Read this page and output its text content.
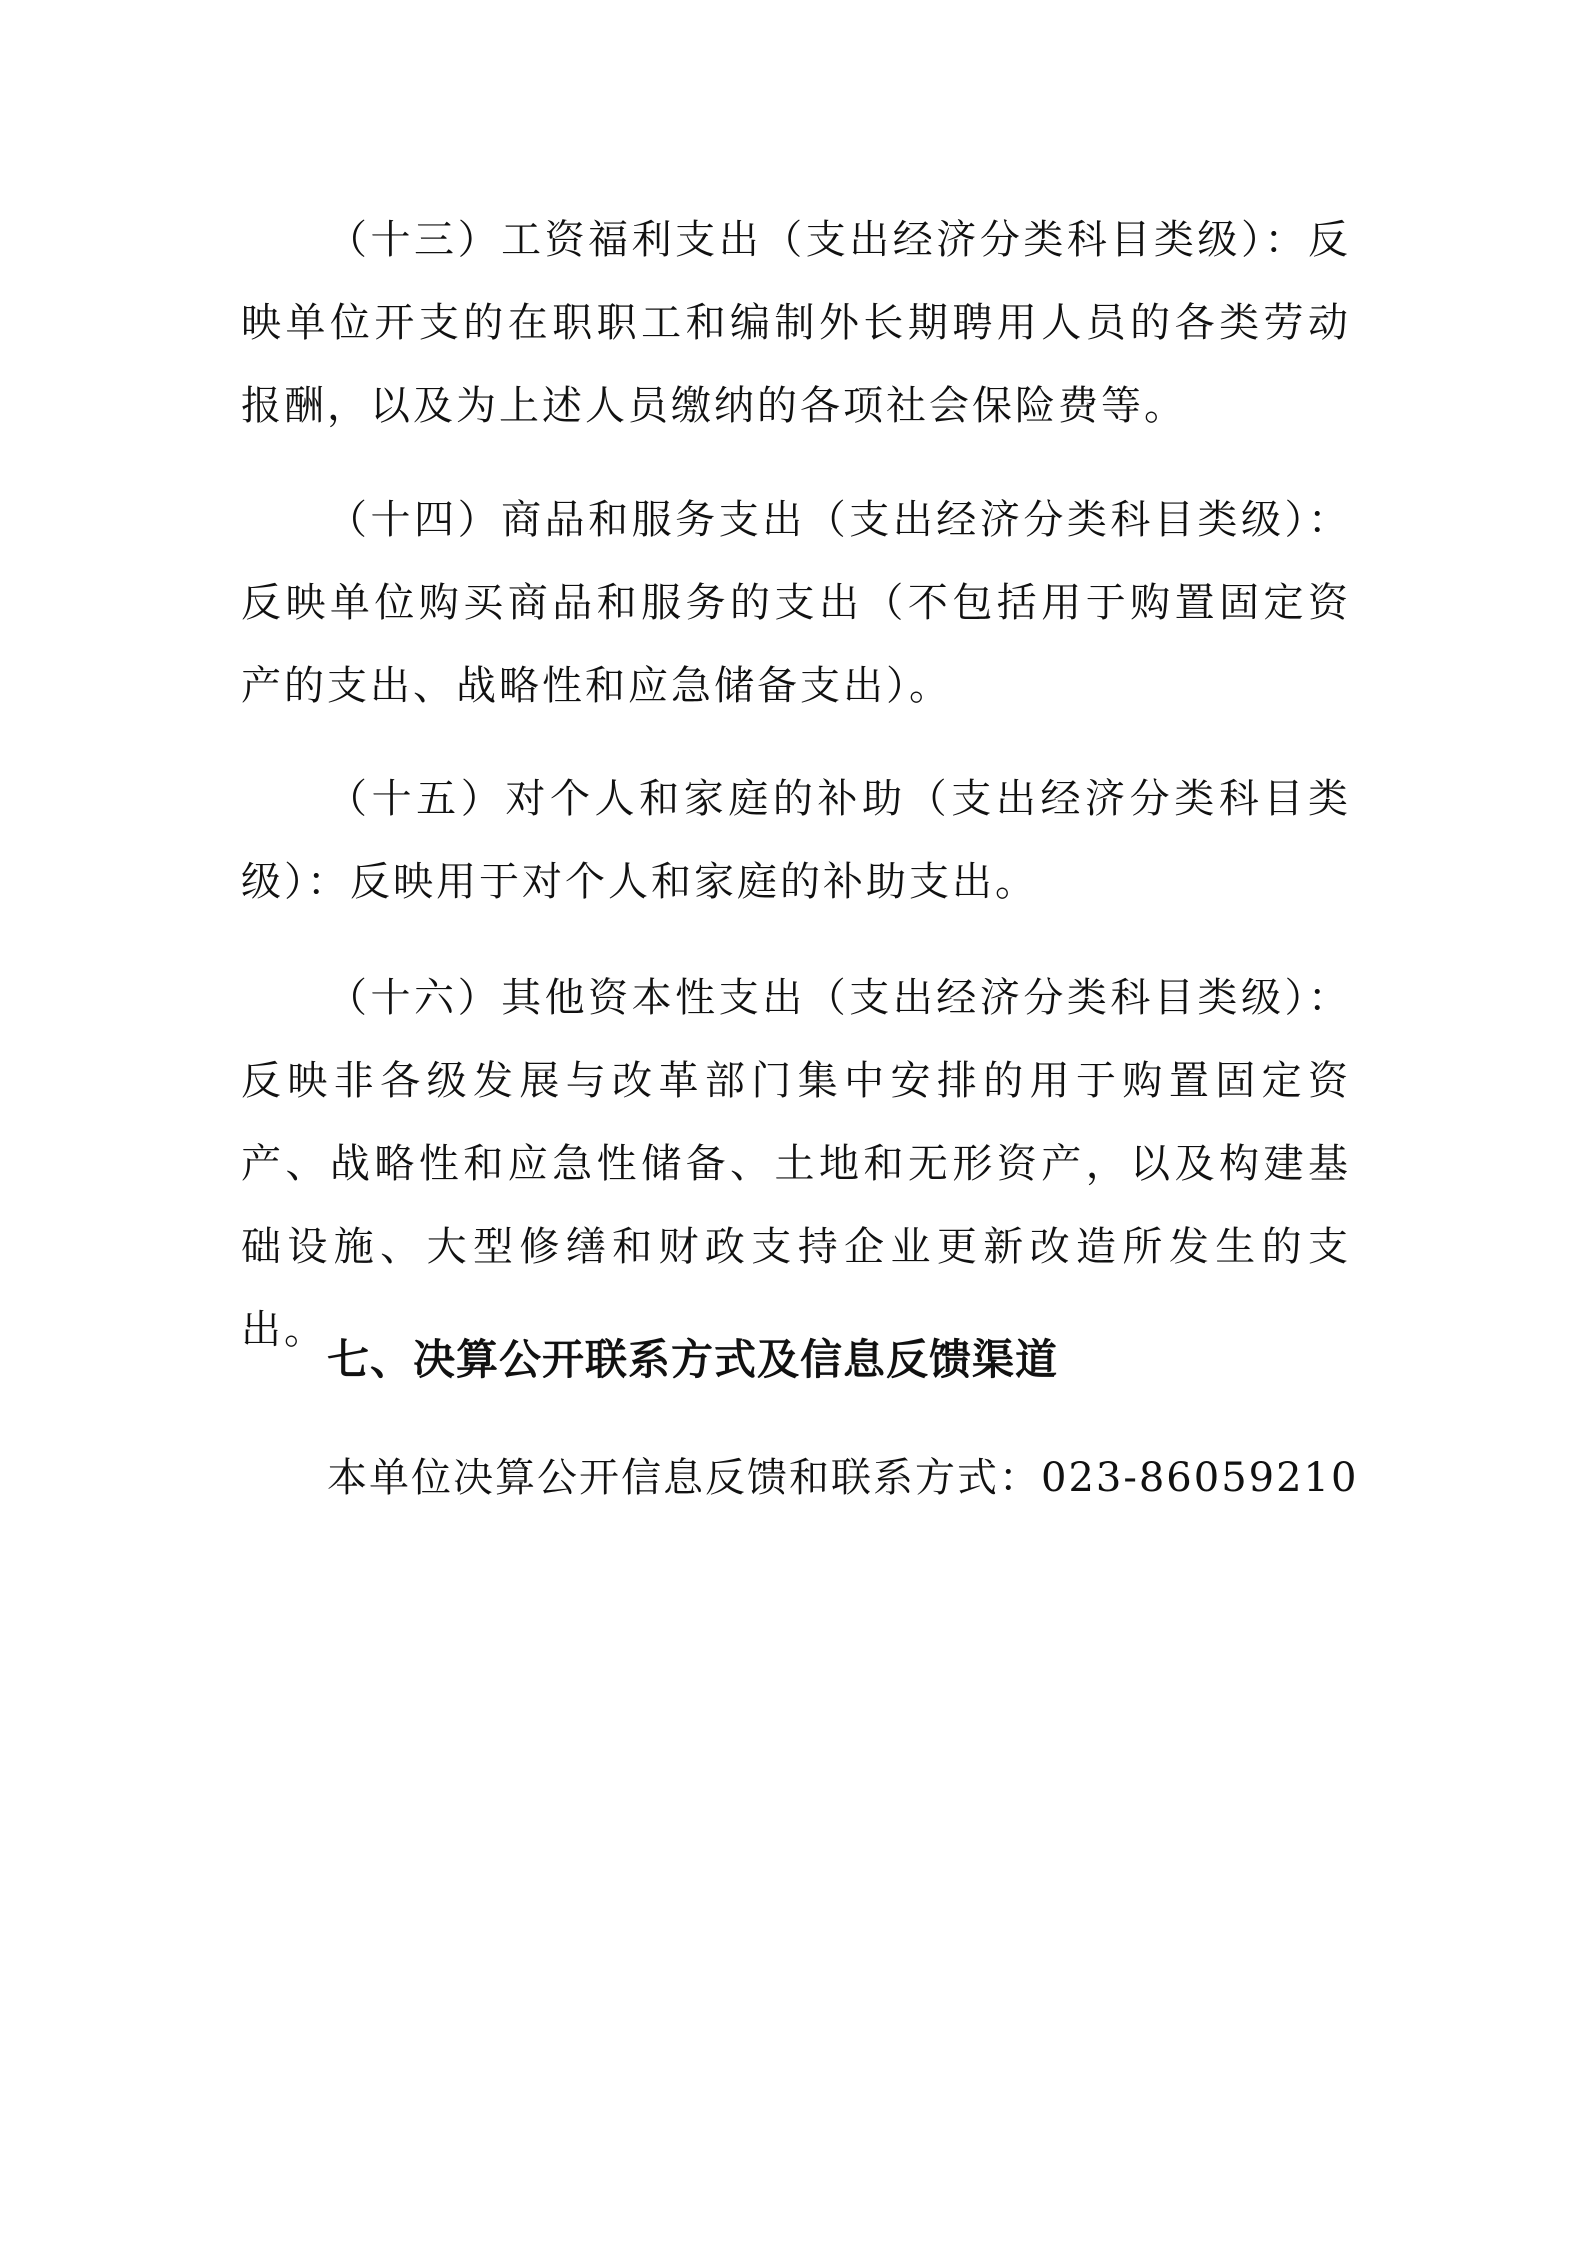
（十三）工资福利支出（支出经济分类科目类级）：反映单位开支的在职职工和编制外长期聘用人员的各类劳动报酬，以及为上述人员缴纳的各项社会保险费等。

（十四）商品和服务支出（支出经济分类科目类级）：反映单位购买商品和服务的支出（不包括用于购置固定资产的支出、战略性和应急储备支出）。

（十五）对个人和家庭的补助（支出经济分类科目类级）：反映用于对个人和家庭的补助支出。

（十六）其他资本性支出（支出经济分类科目类级）：反映非各级发展与改革部门集中安排的用于购置固定资产、战略性和应急性储备、土地和无形资产，以及构建基础设施、大型修缮和财政支持企业更新改造所发生的支出。

七、决算公开联系方式及信息反馈渠道

本单位决算公开信息反馈和联系方式：023-86059210
